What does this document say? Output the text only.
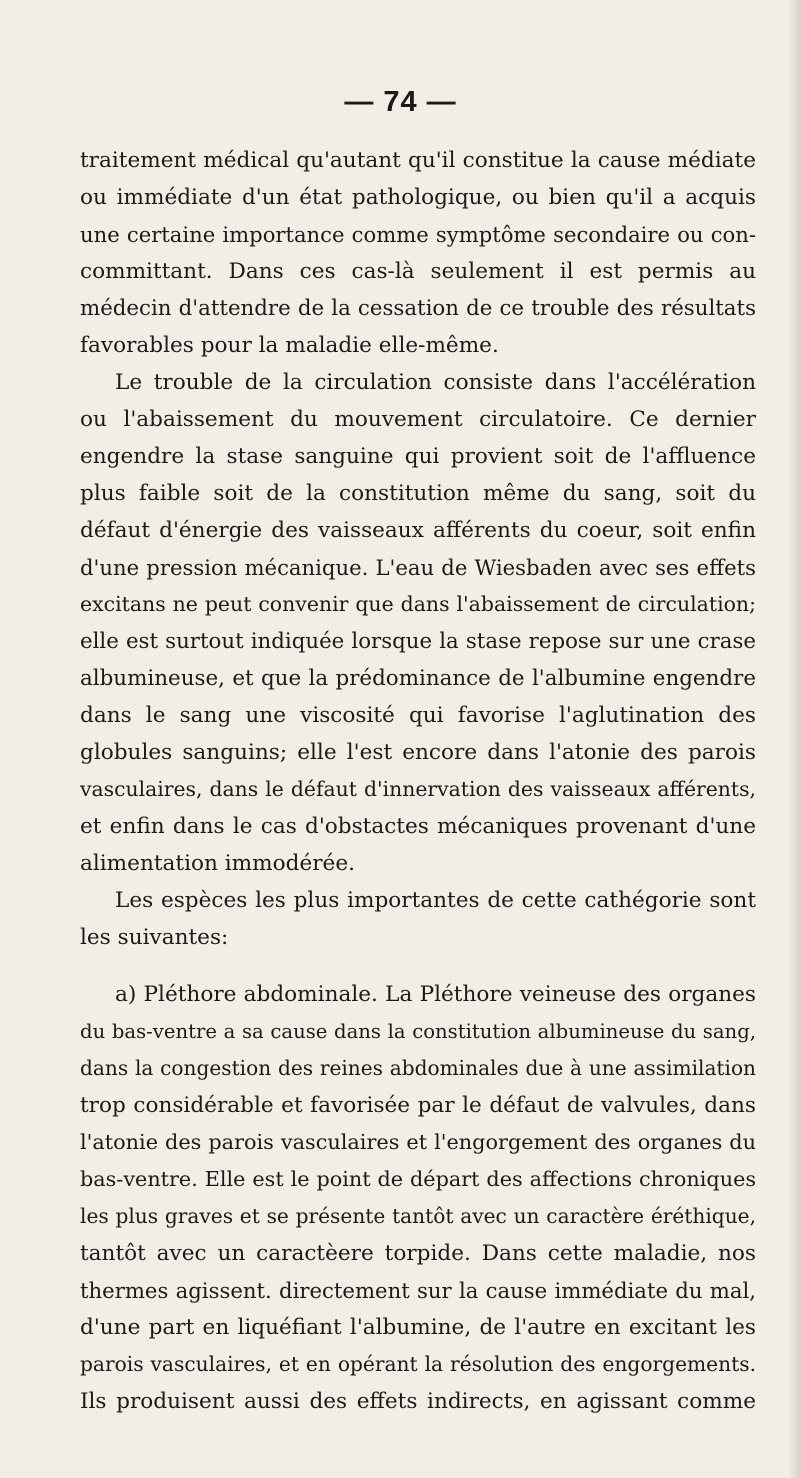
— 74 —
traitement médical qu'autant qu'il constitue la cause médiate
ou immédiate d'un état pathologique, ou bien qu'il a acquis
une certaine importance comme symptôme secondaire ou con-
committant. Dans ces cas-là seulement il est permis au
médecin d'attendre de la cessation de ce trouble des résultats
favorables pour la maladie elle-même.
Le trouble de la circulation consiste dans l'accélération
ou l'abaissement du mouvement circulatoire. Ce dernier
engendre la stase sanguine qui provient soit de l'affluence
plus faible soit de la constitution même du sang, soit du
défaut d'énergie des vaisseaux afférents du coeur, soit enfin
d'une pression mécanique. L'eau de Wiesbaden avec ses effets
excitans ne peut convenir que dans l'abaissement de circulation;
elle est surtout indiquée lorsque la stase repose sur une crase
albumineuse, et que la prédominance de l'albumine engendre
dans le sang une viscosité qui favorise l'aglutination des
globules sanguins; elle l'est encore dans l'atonie des parois
vasculaires, dans le défaut d'innervation des vaisseaux afférents,
et enfin dans le cas d'obstactes mécaniques provenant d'une
alimentation immodérée.
Les espèces les plus importantes de cette cathégorie sont
les suivantes:
a) Pléthore abdominale. La Pléthore veineuse des organes
du bas-ventre a sa cause dans la constitution albumineuse du sang,
dans la congestion des reines abdominales due à une assimilation
trop considérable et favorisée par le défaut de valvules, dans
l'atonie des parois vasculaires et l'engorgement des organes du
bas-ventre. Elle est le point de départ des affections chroniques
les plus graves et se présente tantôt avec un caractère éréthique,
tantôt avec un caractèere torpide. Dans cette maladie, nos
thermes agissent. directement sur la cause immédiate du mal,
d'une part en liquéfiant l'albumine, de l'autre en excitant les
parois vasculaires, et en opérant la résolution des engorgements.
Ils produisent aussi des effets indirects, en agissant comme
